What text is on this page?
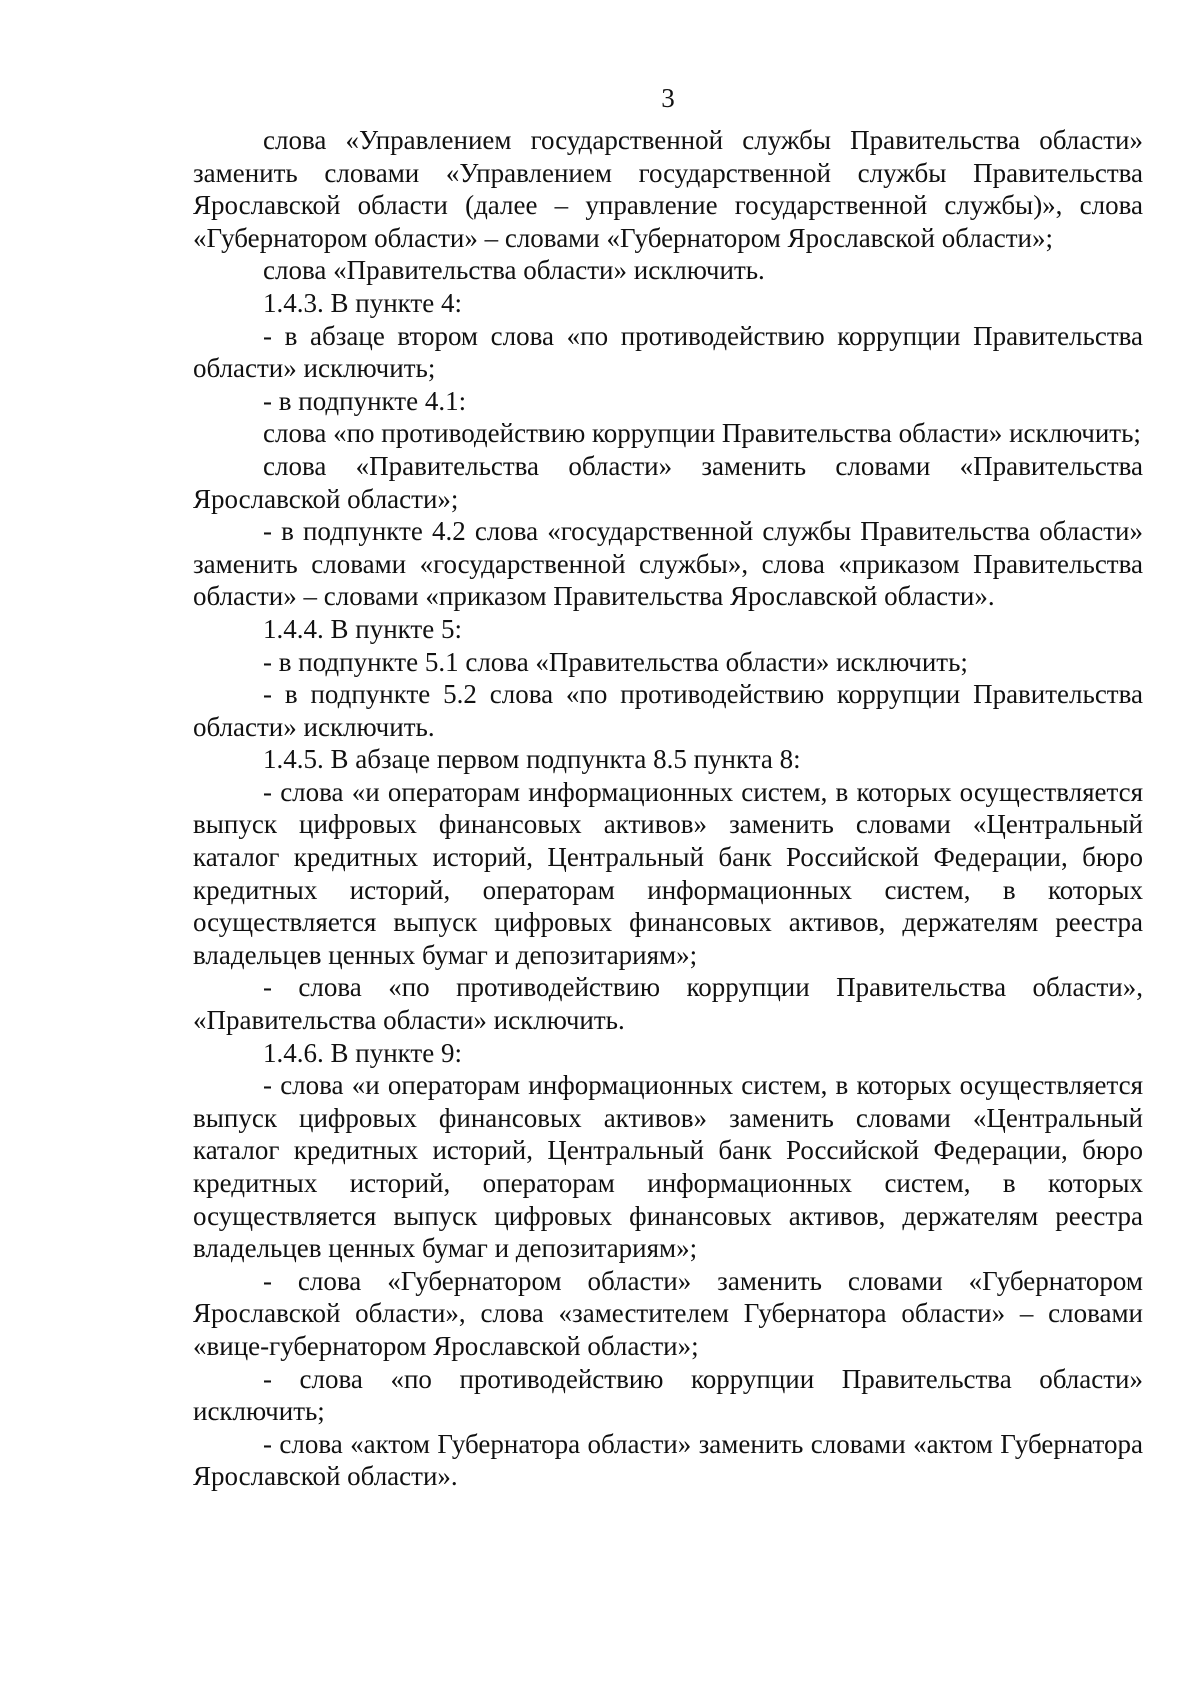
3

слова «Управлением государственной службы Правительства области» заменить словами «Управлением государственной службы Правительства Ярославской области (далее – управление государственной службы)», слова «Губернатором области» – словами «Губернатором Ярославской области»;

слова «Правительства области» исключить.

1.4.3. В пункте 4:

- в абзаце втором слова «по противодействию коррупции Правительства области» исключить;

- в подпункте 4.1:

слова «по противодействию коррупции Правительства области» исключить;

слова «Правительства области» заменить словами «Правительства Ярославской области»;

- в подпункте 4.2 слова «государственной службы Правительства области» заменить словами «государственной службы», слова «приказом Правительства области» – словами «приказом Правительства Ярославской области».

1.4.4. В пункте 5:

- в подпункте 5.1 слова «Правительства области» исключить;

- в подпункте 5.2 слова «по противодействию коррупции Правительства области» исключить.

1.4.5. В абзаце первом подпункта 8.5 пункта 8:

- слова «и операторам информационных систем, в которых осуществляется выпуск цифровых финансовых активов» заменить словами «Центральный каталог кредитных историй, Центральный банк Российской Федерации, бюро кредитных историй, операторам информационных систем, в которых осуществляется выпуск цифровых финансовых активов, держателям реестра владельцев ценных бумаг и депозитариям»;

- слова «по противодействию коррупции Правительства области», «Правительства области» исключить.

1.4.6. В пункте 9:

- слова «и операторам информационных систем, в которых осуществляется выпуск цифровых финансовых активов» заменить словами «Центральный каталог кредитных историй, Центральный банк Российской Федерации, бюро кредитных историй, операторам информационных систем, в которых осуществляется выпуск цифровых финансовых активов, держателям реестра владельцев ценных бумаг и депозитариям»;

- слова «Губернатором области» заменить словами «Губернатором Ярославской области», слова «заместителем Губернатора области» – словами «вице-губернатором Ярославской области»;

- слова «по противодействию коррупции Правительства области» исключить;

- слова «актом Губернатора области» заменить словами «актом Губернатора Ярославской области».
